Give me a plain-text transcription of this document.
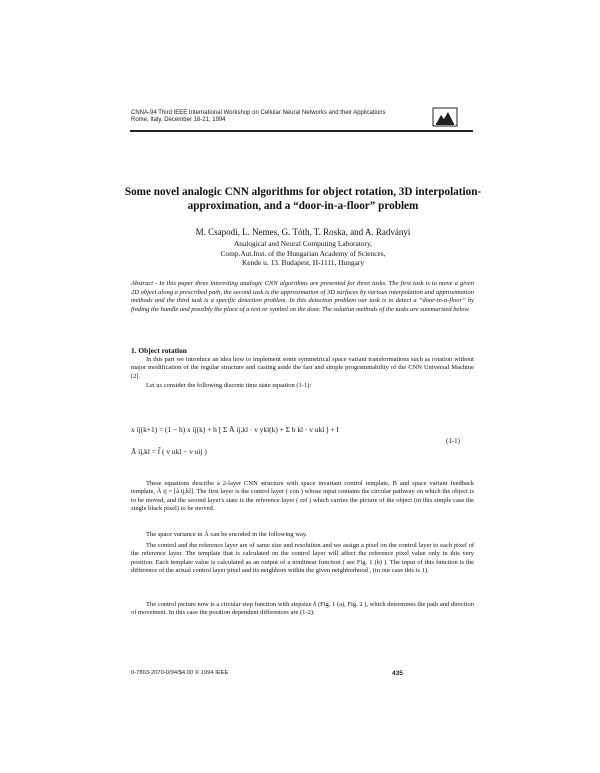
CNNA-94 Third IEEE International Workshop on Cellular Neural Networks and their Applications
Rome, Italy, December 18-21, 1994
Some novel analogic CNN algorithms for object rotation, 3D interpolation-approximation, and a “door-in-a-floor” problem
M. Csapodi, L. Nemes, G. Tóth, T. Roska, and A. Radványi
Analogical and Neural Computing Laboratory,
Comp.Aut.Inst. of the Hungarian Academy of Sciences,
Kende u. 13. Budapest, H-1111, Hungary
Abstract - In this paper three interesting analogic CNN algorithms are presented for three tasks. The first task is to move a given 2D object along a prescribed path, the second task is the approximation of 3D surfaces by various interpolation and approximation methods and the third task is a specific detection problem. In this detection problem our task is to detect a “door-in-a-floor” by finding the handle and possibly the place of a text or symbol on the door. The solution methods of the tasks are summarized below.
1. Object rotation
In this part we introduce an idea how to implement some symmetrical space variant transformations such as rotation without major modification of the regular structure and casting aside the fast and simple programmability of the CNN Universal Machine [2].
Let us consider the following discrete time state equation (1-1):
x ij(k+1) = (1 − h) x ij(k) + h [ Σ Ã ij,kl · v ykl(k) + Σ b kl · v ukl ] + I
Ã ij,kl = f̂ ( v ukl − v uij )
(1-1)
These equations describe a 2-layer CNN structure with space invariant control template, B and space variant feedback template, Ã ij = [ã ij,kl]. The first layer is the control layer ( con ) whose input contains the circular pathway on which the object is to be moved, and the second layer's state is the reference layer ( ref ) which carries the picture of the object (in this simple case the single black pixel) to be moved.
The space variance in Ã can be encoded in the following way.
The control and the reference layer are of same size and resolution and we assign a pixel on the control layer to each pixel of the reference layer. The template that is calculated on the control layer will affect the reference pixel value only in this very position. Each template value is calculated as an output of a nonlinear function ( see Fig. 1 (b) ). The input of this function is the difference of the actual control layer pixel and its neighbors within the given neighborhood , (in our case this is 1).
The control picture now is a circular step function with stepsize δ (Fig. 1 (a), Fig. 2 ), which determines the path and direction of movement. In this case the position dependent differences are (1-2):
0-7803-2070-0/94/$4.00 © 1994 IEEE	435
